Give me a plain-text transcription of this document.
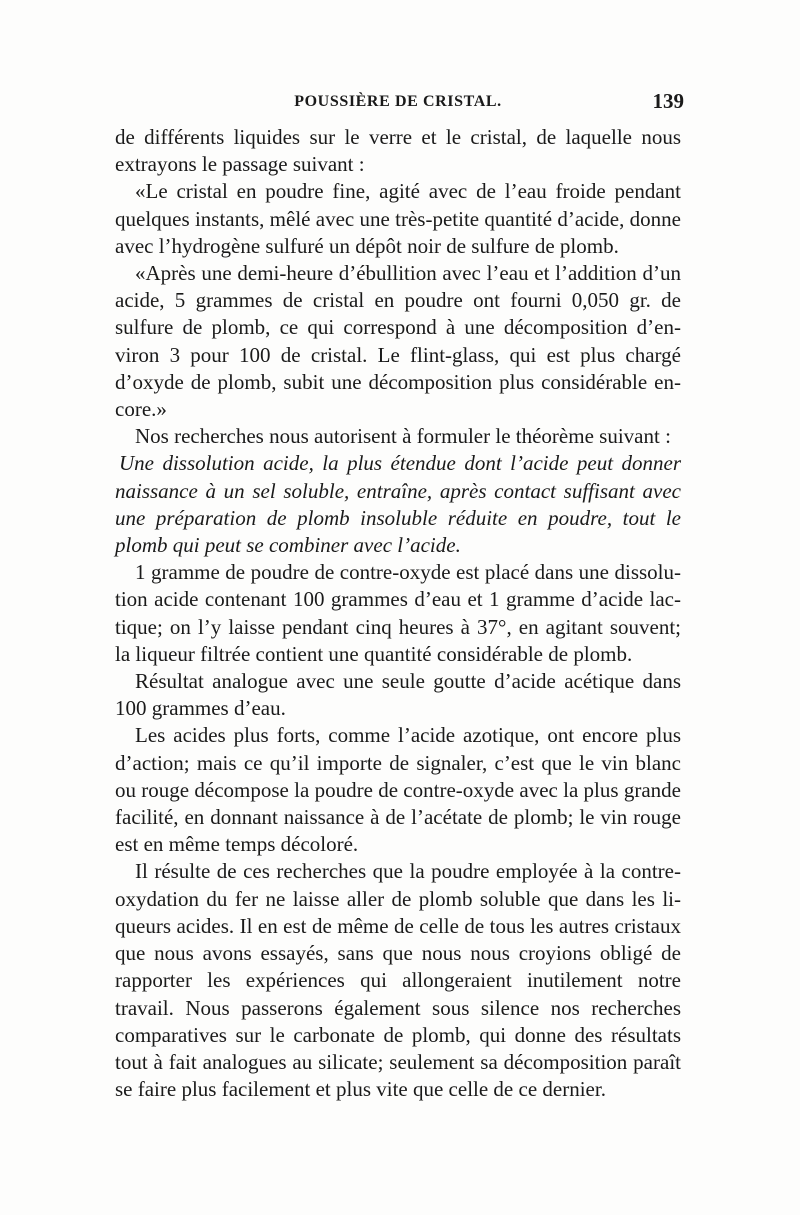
POUSSIÈRE DE CRISTAL.	139

de différents liquides sur le verre et le cristal, de laquelle nous extrayons le passage suivant :

«Le cristal en poudre fine, agité avec de l’eau froide pendant quelques instants, mêlé avec une très-petite quantité d’acide, donne avec l’hydrogène sulfuré un dépôt noir de sulfure de plomb.

«Après une demi-heure d’ébullition avec l’eau et l’addition d’un acide, 5 grammes de cristal en poudre ont fourni 0,050 gr. de sulfure de plomb, ce qui correspond à une décomposition d’environ 3 pour 100 de cristal. Le flint-glass, qui est plus chargé d’oxyde de plomb, subit une décomposition plus considérable encore.»

Nos recherches nous autorisent à formuler le théorème suivant :

Une dissolution acide, la plus étendue dont l’acide peut donner naissance à un sel soluble, entraîne, après contact suffisant avec une préparation de plomb insoluble réduite en poudre, tout le plomb qui peut se combiner avec l’acide.

1 gramme de poudre de contre-oxyde est placé dans une dissolution acide contenant 100 grammes d’eau et 1 gramme d’acide lactique; on l’y laisse pendant cinq heures à 37°, en agitant souvent; la liqueur filtrée contient une quantité considérable de plomb.

Résultat analogue avec une seule goutte d’acide acétique dans 100 grammes d’eau.

Les acides plus forts, comme l’acide azotique, ont encore plus d’action; mais ce qu’il importe de signaler, c’est que le vin blanc ou rouge décompose la poudre de contre-oxyde avec la plus grande facilité, en donnant naissance à de l’acétate de plomb; le vin rouge est en même temps décoloré.

Il résulte de ces recherches que la poudre employée à la contreoxydation du fer ne laisse aller de plomb soluble que dans les liqueurs acides. Il en est de même de celle de tous les autres cristaux que nous avons essayés, sans que nous nous croyions obligé de rapporter les expériences qui allongeraient inutilement notre travail. Nous passerons également sous silence nos recherches comparatives sur le carbonate de plomb, qui donne des résultats tout à fait analogues au silicate; seulement sa décomposition paraît se faire plus facilement et plus vite que celle de ce dernier.
